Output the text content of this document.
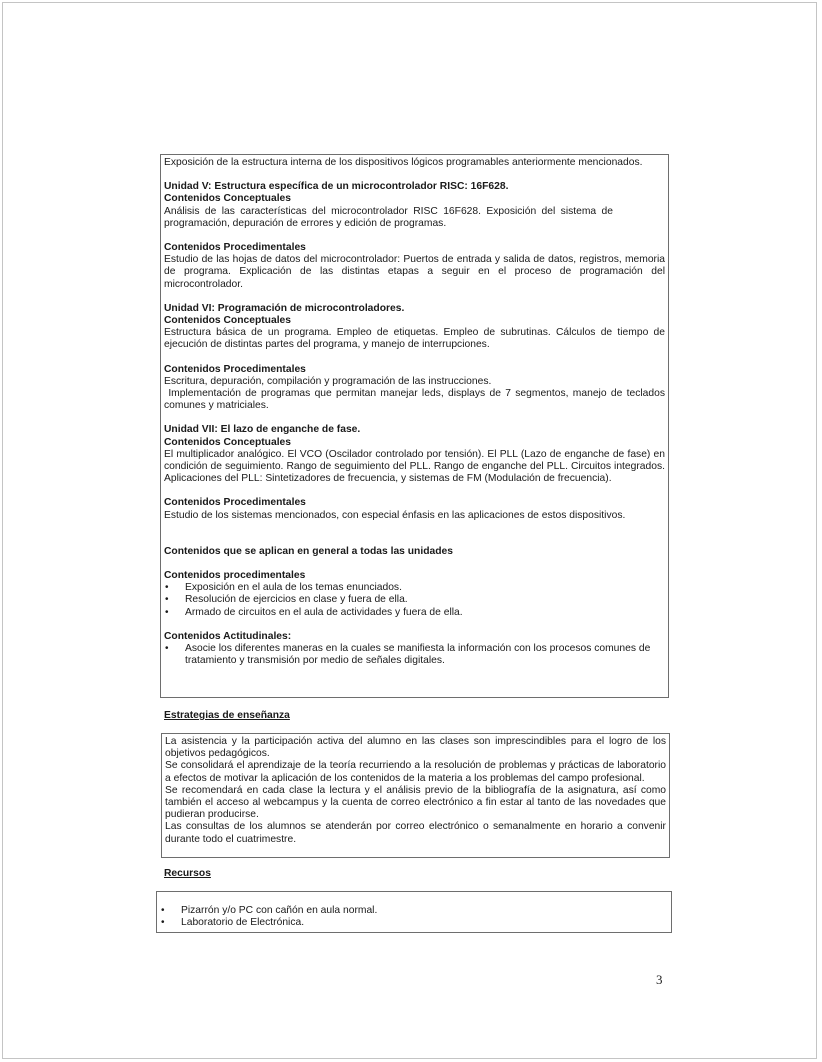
Exposición de la estructura interna de los dispositivos lógicos programables anteriormente mencionados.

Unidad V: Estructura específica de un microcontrolador RISC: 16F628.

Contenidos Conceptuales

Análisis de las características del microcontrolador RISC 16F628. Exposición del sistema de programación, depuración de errores y edición de programas.

Contenidos Procedimentales

Estudio de las hojas de datos del microcontrolador: Puertos de entrada y salida de datos, registros, memoria de programa. Explicación de las distintas etapas a seguir en el proceso de programación del microcontrolador.

Unidad VI: Programación de microcontroladores.

Contenidos Conceptuales

Estructura básica de un programa. Empleo de etiquetas. Empleo de subrutinas. Cálculos de tiempo de ejecución de distintas partes del programa, y manejo de interrupciones.

Contenidos Procedimentales

Escritura, depuración, compilación y programación de las instrucciones.

Implementación de programas que permitan manejar leds, displays de 7 segmentos, manejo de teclados comunes y matriciales.

Unidad VII: El lazo de enganche de fase.

Contenidos Conceptuales

El multiplicador analógico. El VCO (Oscilador controlado por tensión). El PLL (Lazo de enganche de fase) en condición de seguimiento. Rango de seguimiento del PLL. Rango de enganche del PLL. Circuitos integrados. Aplicaciones del PLL: Sintetizadores de frecuencia, y sistemas de FM (Modulación de frecuencia).

Contenidos Procedimentales

Estudio de los sistemas mencionados, con especial énfasis en las aplicaciones de estos dispositivos.

Contenidos que se aplican en general a todas las unidades

Contenidos procedimentales

• Exposición en el aula de los temas enunciados.
• Resolución de ejercicios en clase y fuera de ella.
• Armado de circuitos en el aula de actividades y fuera de ella.

Contenidos Actitudinales:

• Asocie los diferentes maneras en la cuales se manifiesta la información con los procesos comunes de tratamiento y transmisión por medio de señales digitales.
Estrategias de enseñanza

La asistencia y la participación activa del alumno en las clases son imprescindibles para el logro de los objetivos pedagógicos.

Se consolidará el aprendizaje de la teoría recurriendo a la resolución de problemas y prácticas de laboratorio a efectos de motivar la aplicación de los contenidos de la materia a los problemas del campo profesional.

Se recomendará en cada clase la lectura y el análisis previo de la bibliografía de la asignatura, así como también el acceso al webcampus y la cuenta de correo electrónico a fin estar al tanto de las novedades que pudieran producirse.

Las consultas de los alumnos se atenderán por correo electrónico o semanalmente en horario a convenir durante todo el cuatrimestre.

Recursos
• Pizarrón y/o PC con cañón en aula normal.
• Laboratorio de Electrónica.
3
